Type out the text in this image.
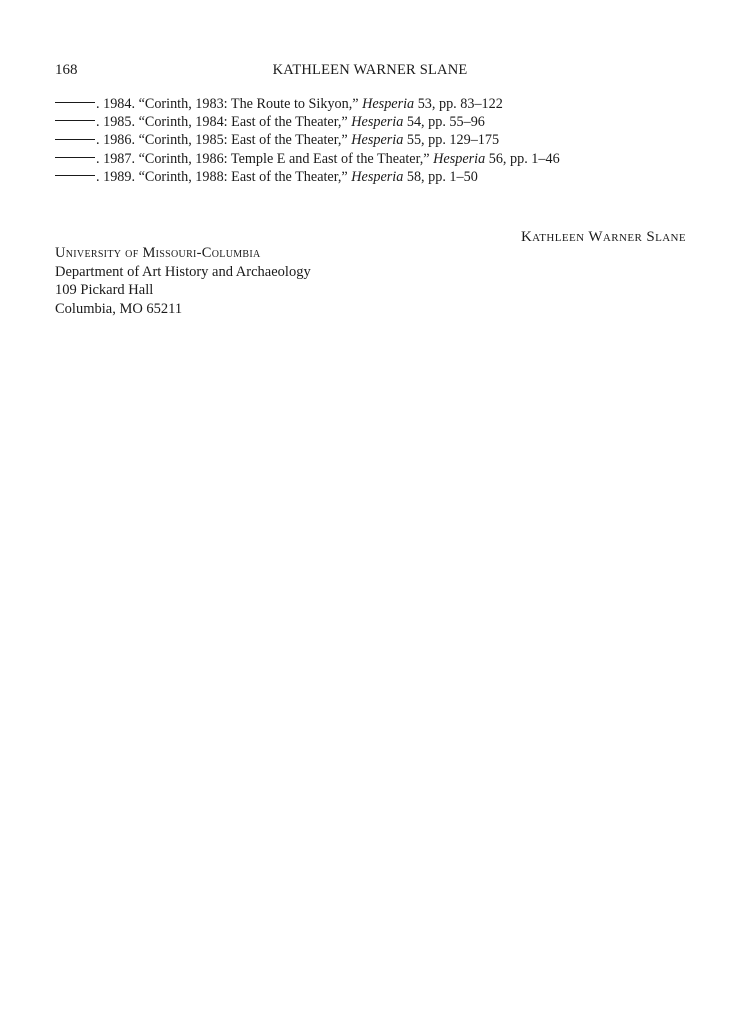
168	KATHLEEN WARNER SLANE
. 1984. “Corinth, 1983: The Route to Sikyon,” Hesperia 53, pp. 83–122
. 1985. “Corinth, 1984: East of the Theater,” Hesperia 54, pp. 55–96
. 1986. “Corinth, 1985: East of the Theater,” Hesperia 55, pp. 129–175
. 1987. “Corinth, 1986: Temple E and East of the Theater,” Hesperia 56, pp. 1–46
. 1989. “Corinth, 1988: East of the Theater,” Hesperia 58, pp. 1–50
Kathleen Warner Slane
University of Missouri-Columbia
Department of Art History and Archaeology
109 Pickard Hall
Columbia, MO 65211
